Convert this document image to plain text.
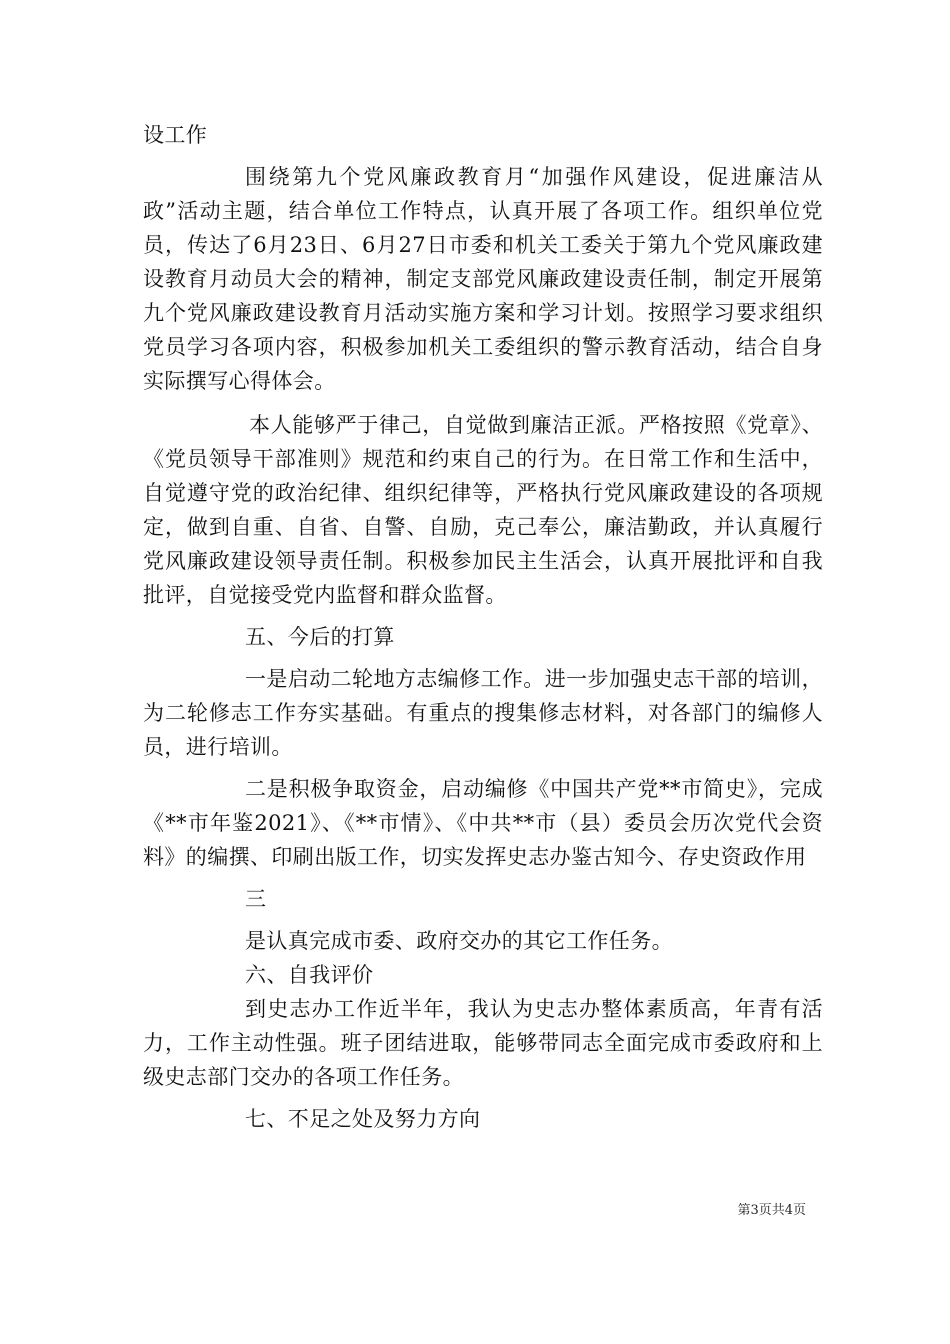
设工作

围绕第九个党风廉政教育月“加强作风建设，促进廉洁从政”活动主题，结合单位工作特点，认真开展了各项工作。组织单位党员，传达了6月23日、6月27日市委和机关工委关于第九个党风廉政建设教育月动员大会的精神，制定支部党风廉政建设责任制，制定开展第九个党风廉政建设教育月活动实施方案和学习计划。按照学习要求组织党员学习各项内容，积极参加机关工委组织的警示教育活动，结合自身实际撰写心得体会。

本人能够严于律己，自觉做到廉洁正派。严格按照《党章》、《党员领导干部准则》规范和约束自己的行为。在日常工作和生活中，自觉遵守党的政治纪律、组织纪律等，严格执行党风廉政建设的各项规定，做到自重、自省、自警、自励，克己奉公，廉洁勤政，并认真履行党风廉政建设领导责任制。积极参加民主生活会，认真开展批评和自我批评，自觉接受党内监督和群众监督。

五、今后的打算

一是启动二轮地方志编修工作。进一步加强史志干部的培训，为二轮修志工作夯实基础。有重点的搜集修志材料，对各部门的编修人员，进行培训。

二是积极争取资金，启动编修《中国共产党**市简史》，完成《**市年鉴2021》、《**市情》、《中共**市（县）委员会历次党代会资料》的编撰、印刷出版工作，切实发挥史志办鉴古知今、存史资政作用

三

是认真完成市委、政府交办的其它工作任务。

六、自我评价

到史志办工作近半年，我认为史志办整体素质高，年青有活力，工作主动性强。班子团结进取，能够带同志全面完成市委政府和上级史志部门交办的各项工作任务。

七、不足之处及努力方向

第3页共4页
